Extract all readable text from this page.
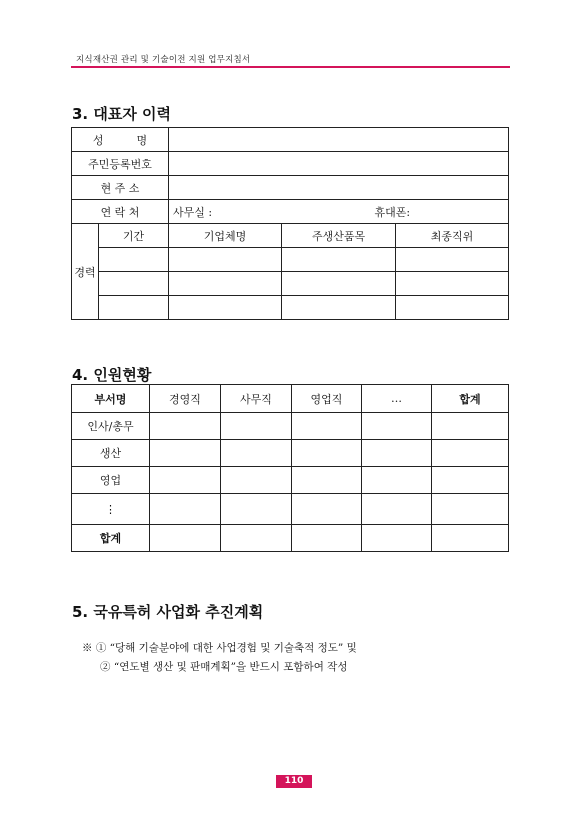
지식재산권 관리 및 기술이전 지원 업무지침서
3. 대표자 이력
성　　　명				
주민등록번호				
현 주 소				
연 락 처		사무실 : 휴대폰:		

경력	기간	기업체명	주생산품목	최종직위

4. 인원현황
부서명	경영직	사무직	영업직	…	합계
인사/총무					
생산					
영업					
⋮					
합계					
5. 국유특허 사업화 추진계획
※ ① “당해 기술분야에 대한 사업경험 및 기술축적 정도” 및
② “연도별 생산 및 판매계획”을 반드시 포함하여 작성
110
